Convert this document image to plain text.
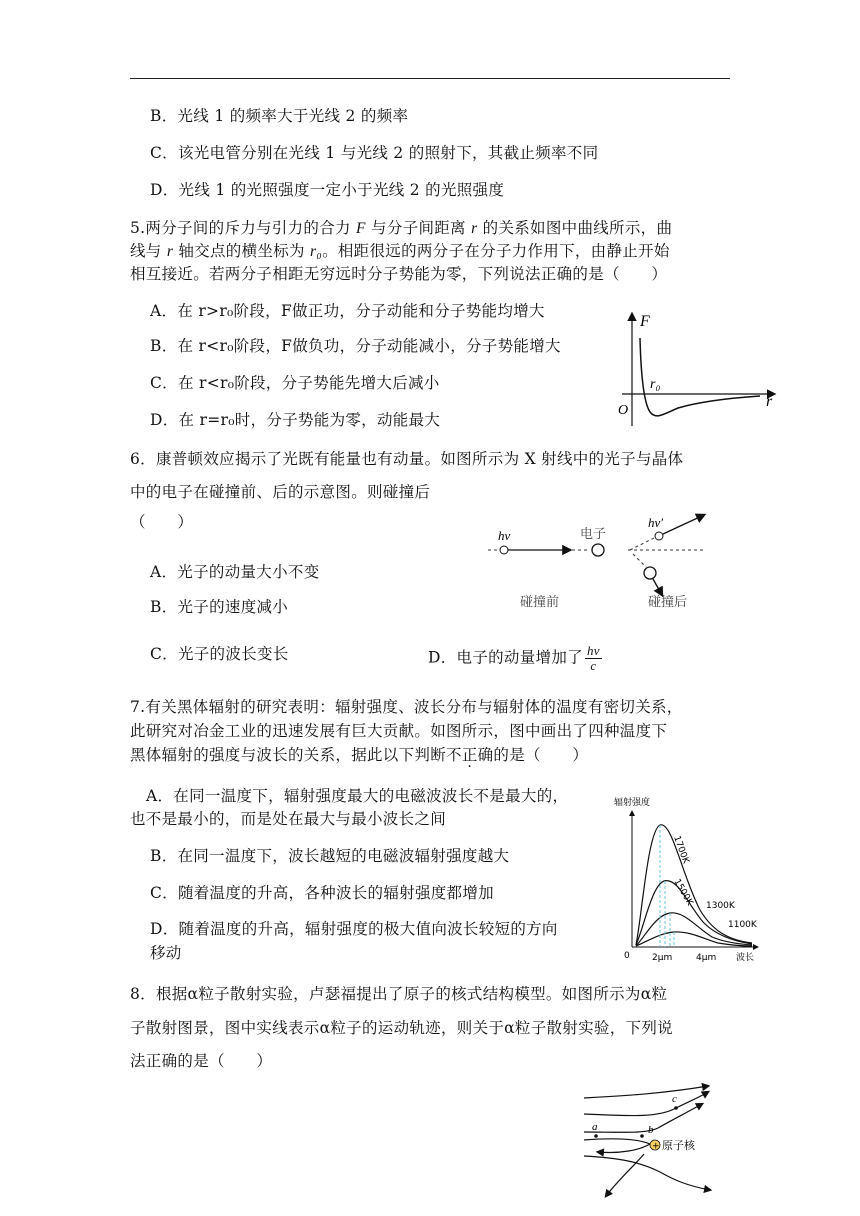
B．光线 1 的频率大于光线 2 的频率
C．该光电管分别在光线 1 与光线 2 的照射下，其截止频率不同
D．光线 1 的光照强度一定小于光线 2 的光照强度
5.两分子间的斥力与引力的合力 F 与分子间距离 r 的关系如图中曲线所示，曲
线与 r 轴交点的横坐标为 r₀。相距很远的两分子在分子力作用下，由静止开始
相互接近。若两分子相距无穷远时分子势能为零，下列说法正确的是（　　）
A．在 r>r₀阶段，F做正功，分子动能和分子势能均增大
B．在 r<r₀阶段，F做负功，分子动能减小，分子势能增大
C．在 r<r₀阶段，分子势能先增大后减小
D．在 r=r₀时，分子势能为零，动能最大
F
r
O
r₀
6．康普顿效应揭示了光既有能量也有动量。如图所示为 X 射线中的光子与晶体
中的电子在碰撞前、后的示意图。则碰撞后
（　　）
A．光子的动量大小不变
B．光子的速度减小
C．光子的波长变长	D．电子的动量增加了 $\frac{h\nu}{c}$
hν	电子
hν′
碰撞前	碰撞后
7.有关黑体辐射的研究表明：辐射强度、波长分布与辐射体的温度有密切关系，
此研究对冶金工业的迅速发展有巨大贡献。如图所示，图中画出了四种温度下
黑体辐射的强度与波长的关系，据此以下判断不正确的是（　　）
A．在同一温度下，辐射强度最大的电磁波波长不是最大的，
也不是最小的，而是处在最大与最小波长之间
B．在同一温度下，波长越短的电磁波辐射强度越大
C．随着温度的升高，各种波长的辐射强度都增加
D．随着温度的升高，辐射强度的极大值向波长较短的方向
移动
辐射强度
1700K
1500K 1300K
1100K
0 2μm	4μm 波长
8．根据α粒子散射实验，卢瑟福提出了原子的核式结构模型。如图所示为α粒
子散射图景，图中实线表示α粒子的运动轨迹，则关于α粒子散射实验，下列说
法正确的是（　　）
a	b
c
+ 原子核
